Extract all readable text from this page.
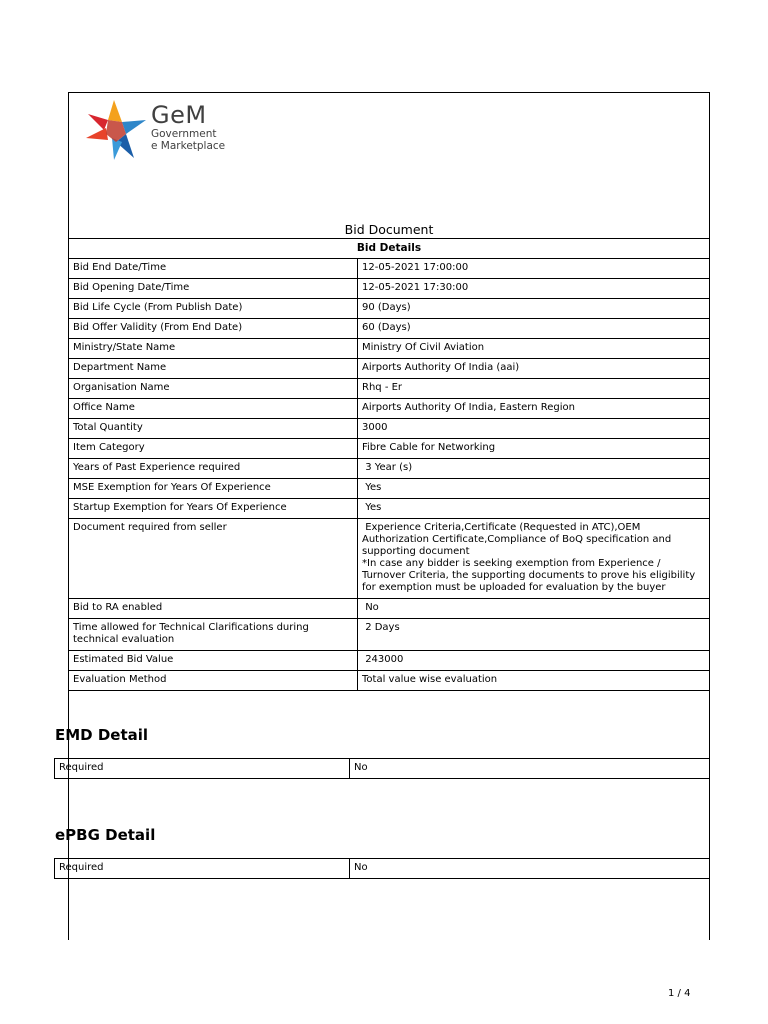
GeM
Government
e Marketplace
Bid Document
Bid Details
Bid End Date/Time	12-05-2021 17:00:00
Bid Opening Date/Time	12-05-2021 17:30:00
Bid Life Cycle (From Publish Date)	90 (Days)
Bid Offer Validity (From End Date)	60 (Days)
Ministry/State Name	Ministry Of Civil Aviation
Department Name	Airports Authority Of India (aai)
Organisation Name	Rhq - Er
Office Name	Airports Authority Of India, Eastern Region
Total Quantity	3000
Item Category	Fibre Cable for Networking
Years of Past Experience required	3 Year (s)
MSE Exemption for Years Of Experience	Yes
Startup Exemption for Years Of Experience	Yes
Document required from seller	Experience Criteria,Certificate (Requested in ATC),OEM Authorization Certificate,Compliance of BoQ specification and supporting document
*In case any bidder is seeking exemption from Experience / Turnover Criteria, the supporting documents to prove his eligibility for exemption must be uploaded for evaluation by the buyer
Bid to RA enabled	No
Time allowed for Technical Clarifications during technical evaluation	2 Days
Estimated Bid Value	243000
Evaluation Method	Total value wise evaluation
EMD Detail
Required	No
ePBG Detail
Required	No
1 / 4
